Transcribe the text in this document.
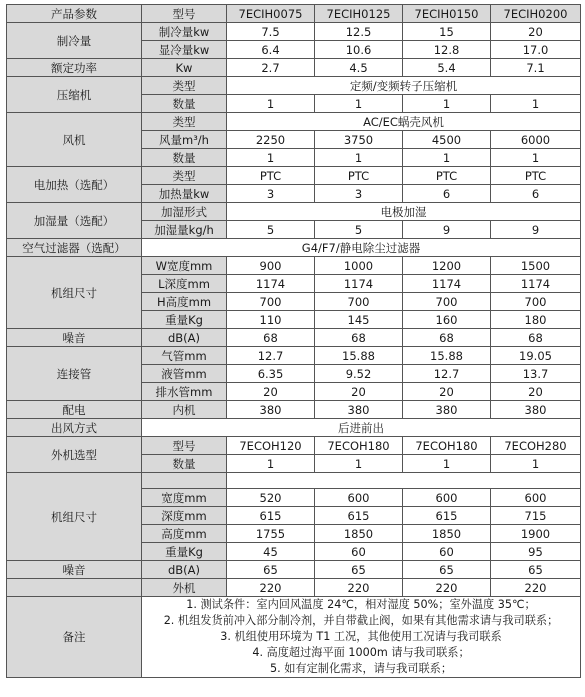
产品参数	型号	7ECIH0075	7ECIH0125	7ECIH0150	7ECIH0200
制冷量	制冷量kw	7.5	12.5	15	20
	显冷量kw	6.4	10.6	12.8	17.0
额定功率	Kw	2.7	4.5	5.4	7.1
压缩机	类型	定频/变频转子压缩机			
	数量	1	1	1	1
风机	类型	AC/EC蜗壳风机			
	风量m³/h	2250	3750	4500	6000
	数量	1	1	1	1
电加热（选配）	类型	PTC	PTC	PTC	PTC
	加热量kw	3	3	6	6
加湿量（选配）	加湿形式	电极加湿			
	加湿量kg/h	5	5	9	9
空气过滤器（选配）	G4/F7/静电除尘过滤器				
机组尺寸	W宽度mm	900	1000	1200	1500
	L深度mm	1174	1174	1174	1174
	H高度mm	700	700	700	700
	重量Kg	110	145	160	180
噪音	dB(A)	68	68	68	68
连接管	气管mm	12.7	15.88	15.88	19.05
	液管mm	6.35	9.52	12.7	13.7
	排水管mm	20	20	20	20
配电	内机	380	380	380	380
出风方式	后进前出				
外机选型	型号	7ECOH120	7ECOH180	7ECOH180	7ECOH280
	数量	1	1	1	1
机组尺寸					
	宽度mm	520	600	600	600
	深度mm	615	615	615	715
	高度mm	1755	1850	1850	1900
	重量Kg	45	60	60	95
噪音	dB(A)	65	65	65	65
	外机	220	220	220	220
备注	1. 测试条件：室内回风温度 24℃，相对湿度 50%；室外温度 35℃；
2. 机组发货前冲入部分制冷剂，并自带截止阀，如果有其他需求请与我司联系；
3. 机组使用环境为 T1 工况，其他使用工况请与我司联系
4. 高度超过海平面 1000m 请与我司联系；
5. 如有定制化需求，请与我司联系；				
